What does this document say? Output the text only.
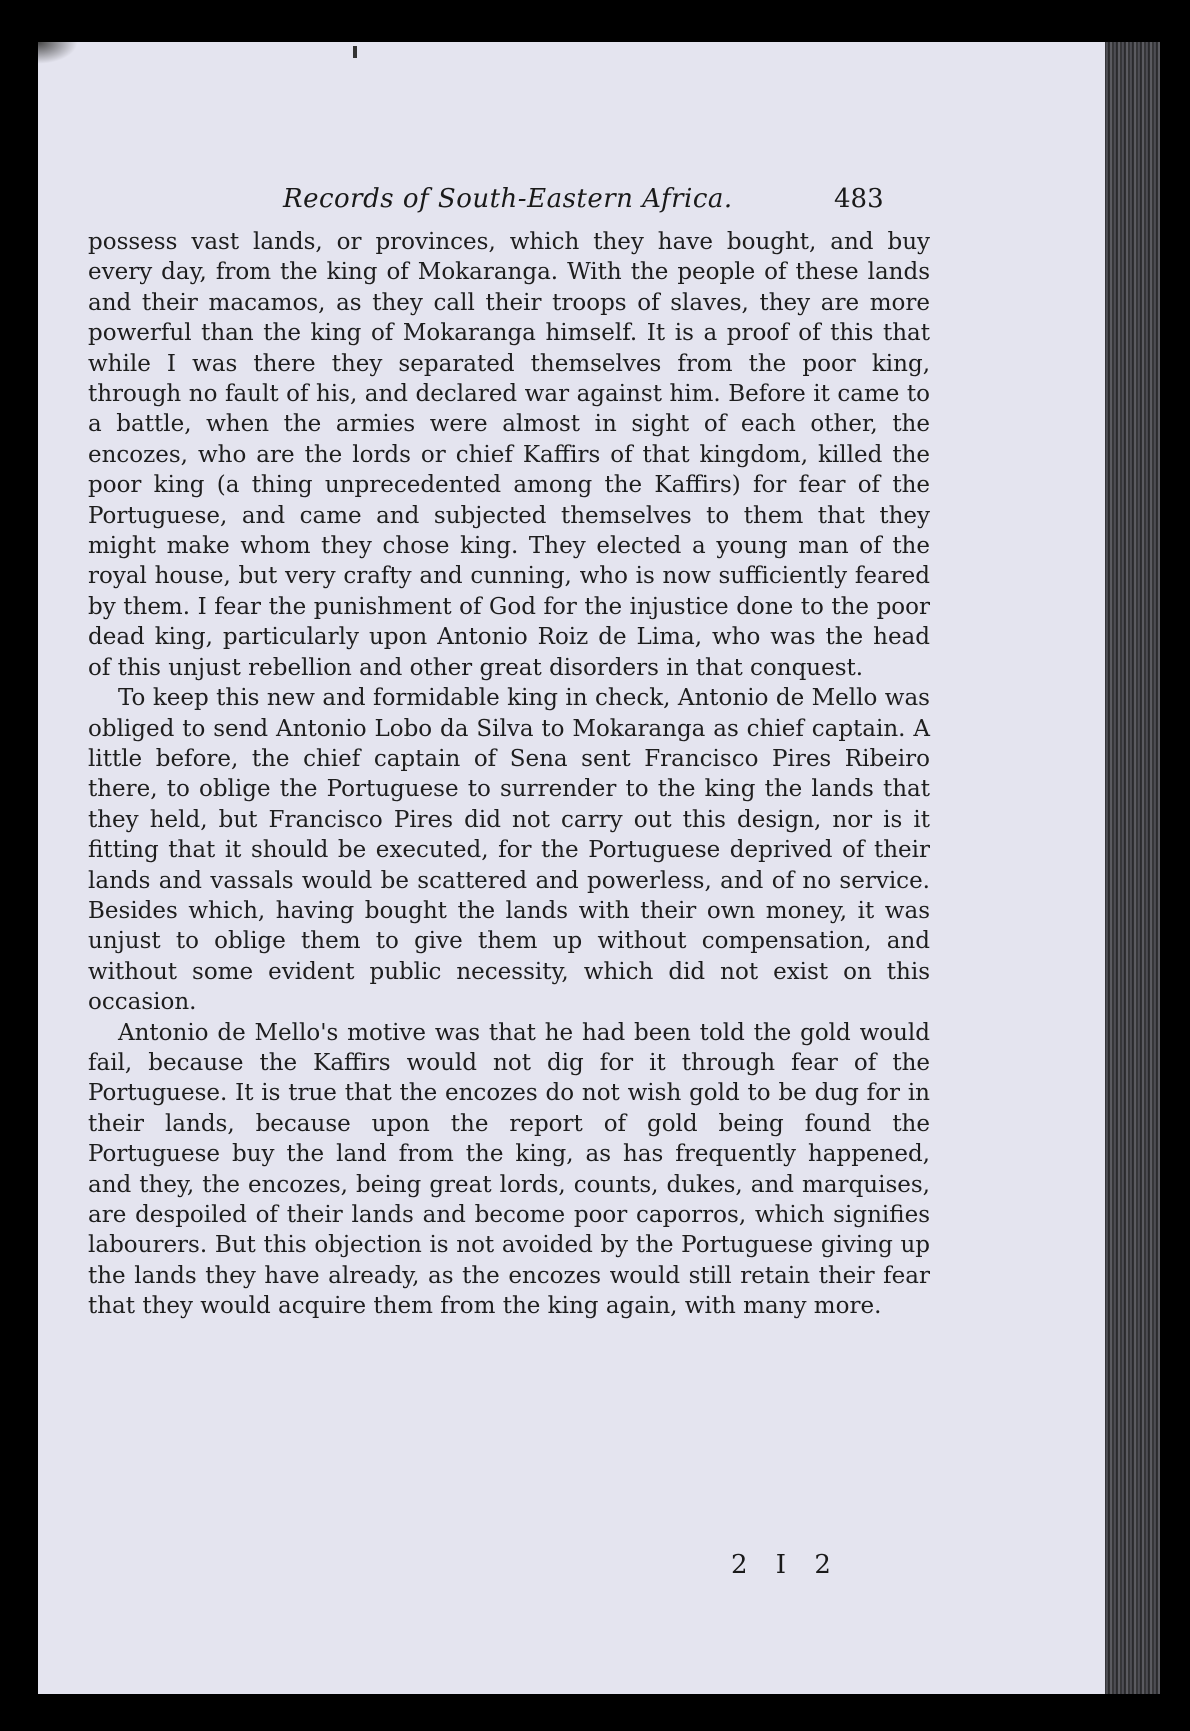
Records of South-Eastern Africa.	483

possess vast lands, or provinces, which they have bought, and buy every day, from the king of Mokaranga. With the people of these lands and their macamos, as they call their troops of slaves, they are more powerful than the king of Mokaranga himself. It is a proof of this that while I was there they separated themselves from the poor king, through no fault of his, and declared war against him. Before it came to a battle, when the armies were almost in sight of each other, the encozes, who are the lords or chief Kaffirs of that kingdom, killed the poor king (a thing unprecedented among the Kaffirs) for fear of the Portuguese, and came and subjected themselves to them that they might make whom they chose king. They elected a young man of the royal house, but very crafty and cunning, who is now sufficiently feared by them. I fear the punishment of God for the injustice done to the poor dead king, particularly upon Antonio Roiz de Lima, who was the head of this unjust rebellion and other great disorders in that conquest.

To keep this new and formidable king in check, Antonio de Mello was obliged to send Antonio Lobo da Silva to Mokaranga as chief captain. A little before, the chief captain of Sena sent Francisco Pires Ribeiro there, to oblige the Portuguese to surrender to the king the lands that they held, but Francisco Pires did not carry out this design, nor is it fitting that it should be executed, for the Portuguese deprived of their lands and vassals would be scattered and powerless, and of no service. Besides which, having bought the lands with their own money, it was unjust to oblige them to give them up without compensation, and without some evident public necessity, which did not exist on this occasion.

Antonio de Mello's motive was that he had been told the gold would fail, because the Kaffirs would not dig for it through fear of the Portuguese. It is true that the encozes do not wish gold to be dug for in their lands, because upon the report of gold being found the Portuguese buy the land from the king, as has frequently happened, and they, the encozes, being great lords, counts, dukes, and marquises, are despoiled of their lands and become poor caporros, which signifies labourers. But this objection is not avoided by the Portuguese giving up the lands they have already, as the encozes would still retain their fear that they would acquire them from the king again, with many more.

2 I 2
